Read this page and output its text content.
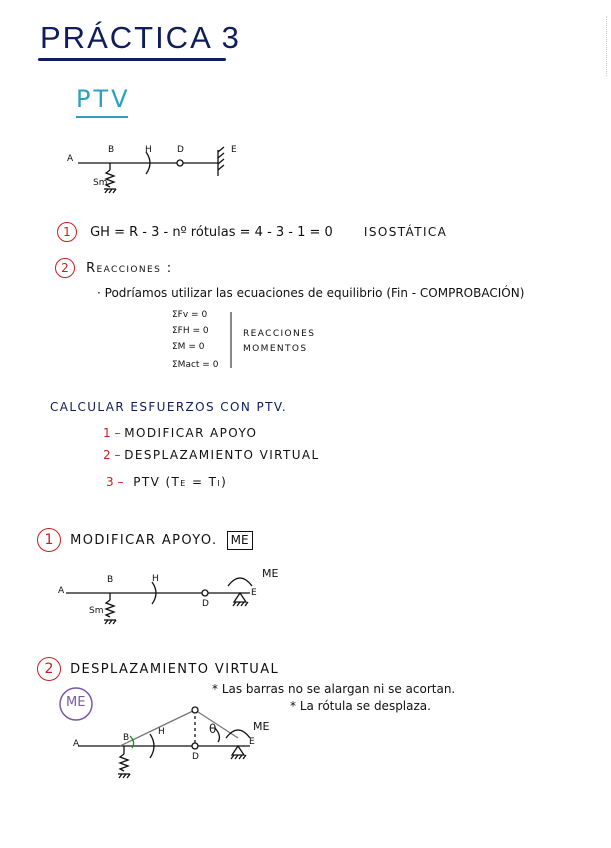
PRÁCTICA 3
PTV
A
B	H	D	E
Sm
1 GH = R - 3 - nº rótulas = 4 - 3 - 1 = 0	ISOSTÁTICA
2 Reacciones :
· Podríamos utilizar las ecuaciones de equilibrio (Fin - COMPROBACIÓN)
ΣFv = 0
ΣFH = 0
ΣM = 0
ΣMact = 0
REACCIONES
MOMENTOS
CALCULAR ESFUERZOS CON PTV.
1 – MODIFICAR APOYO
2 – DESPLAZAMIENTO VIRTUAL
3 – PTV (Te = Ti)
1 MODIFICAR APOYO. ME
A
B	H
D
E
ME
Sm
2 DESPLAZAMIENTO VIRTUAL
ME
* Las barras no se alargan ni se acortan.
* La rótula se desplaza.
A
B
H
D
E
ME
θ
